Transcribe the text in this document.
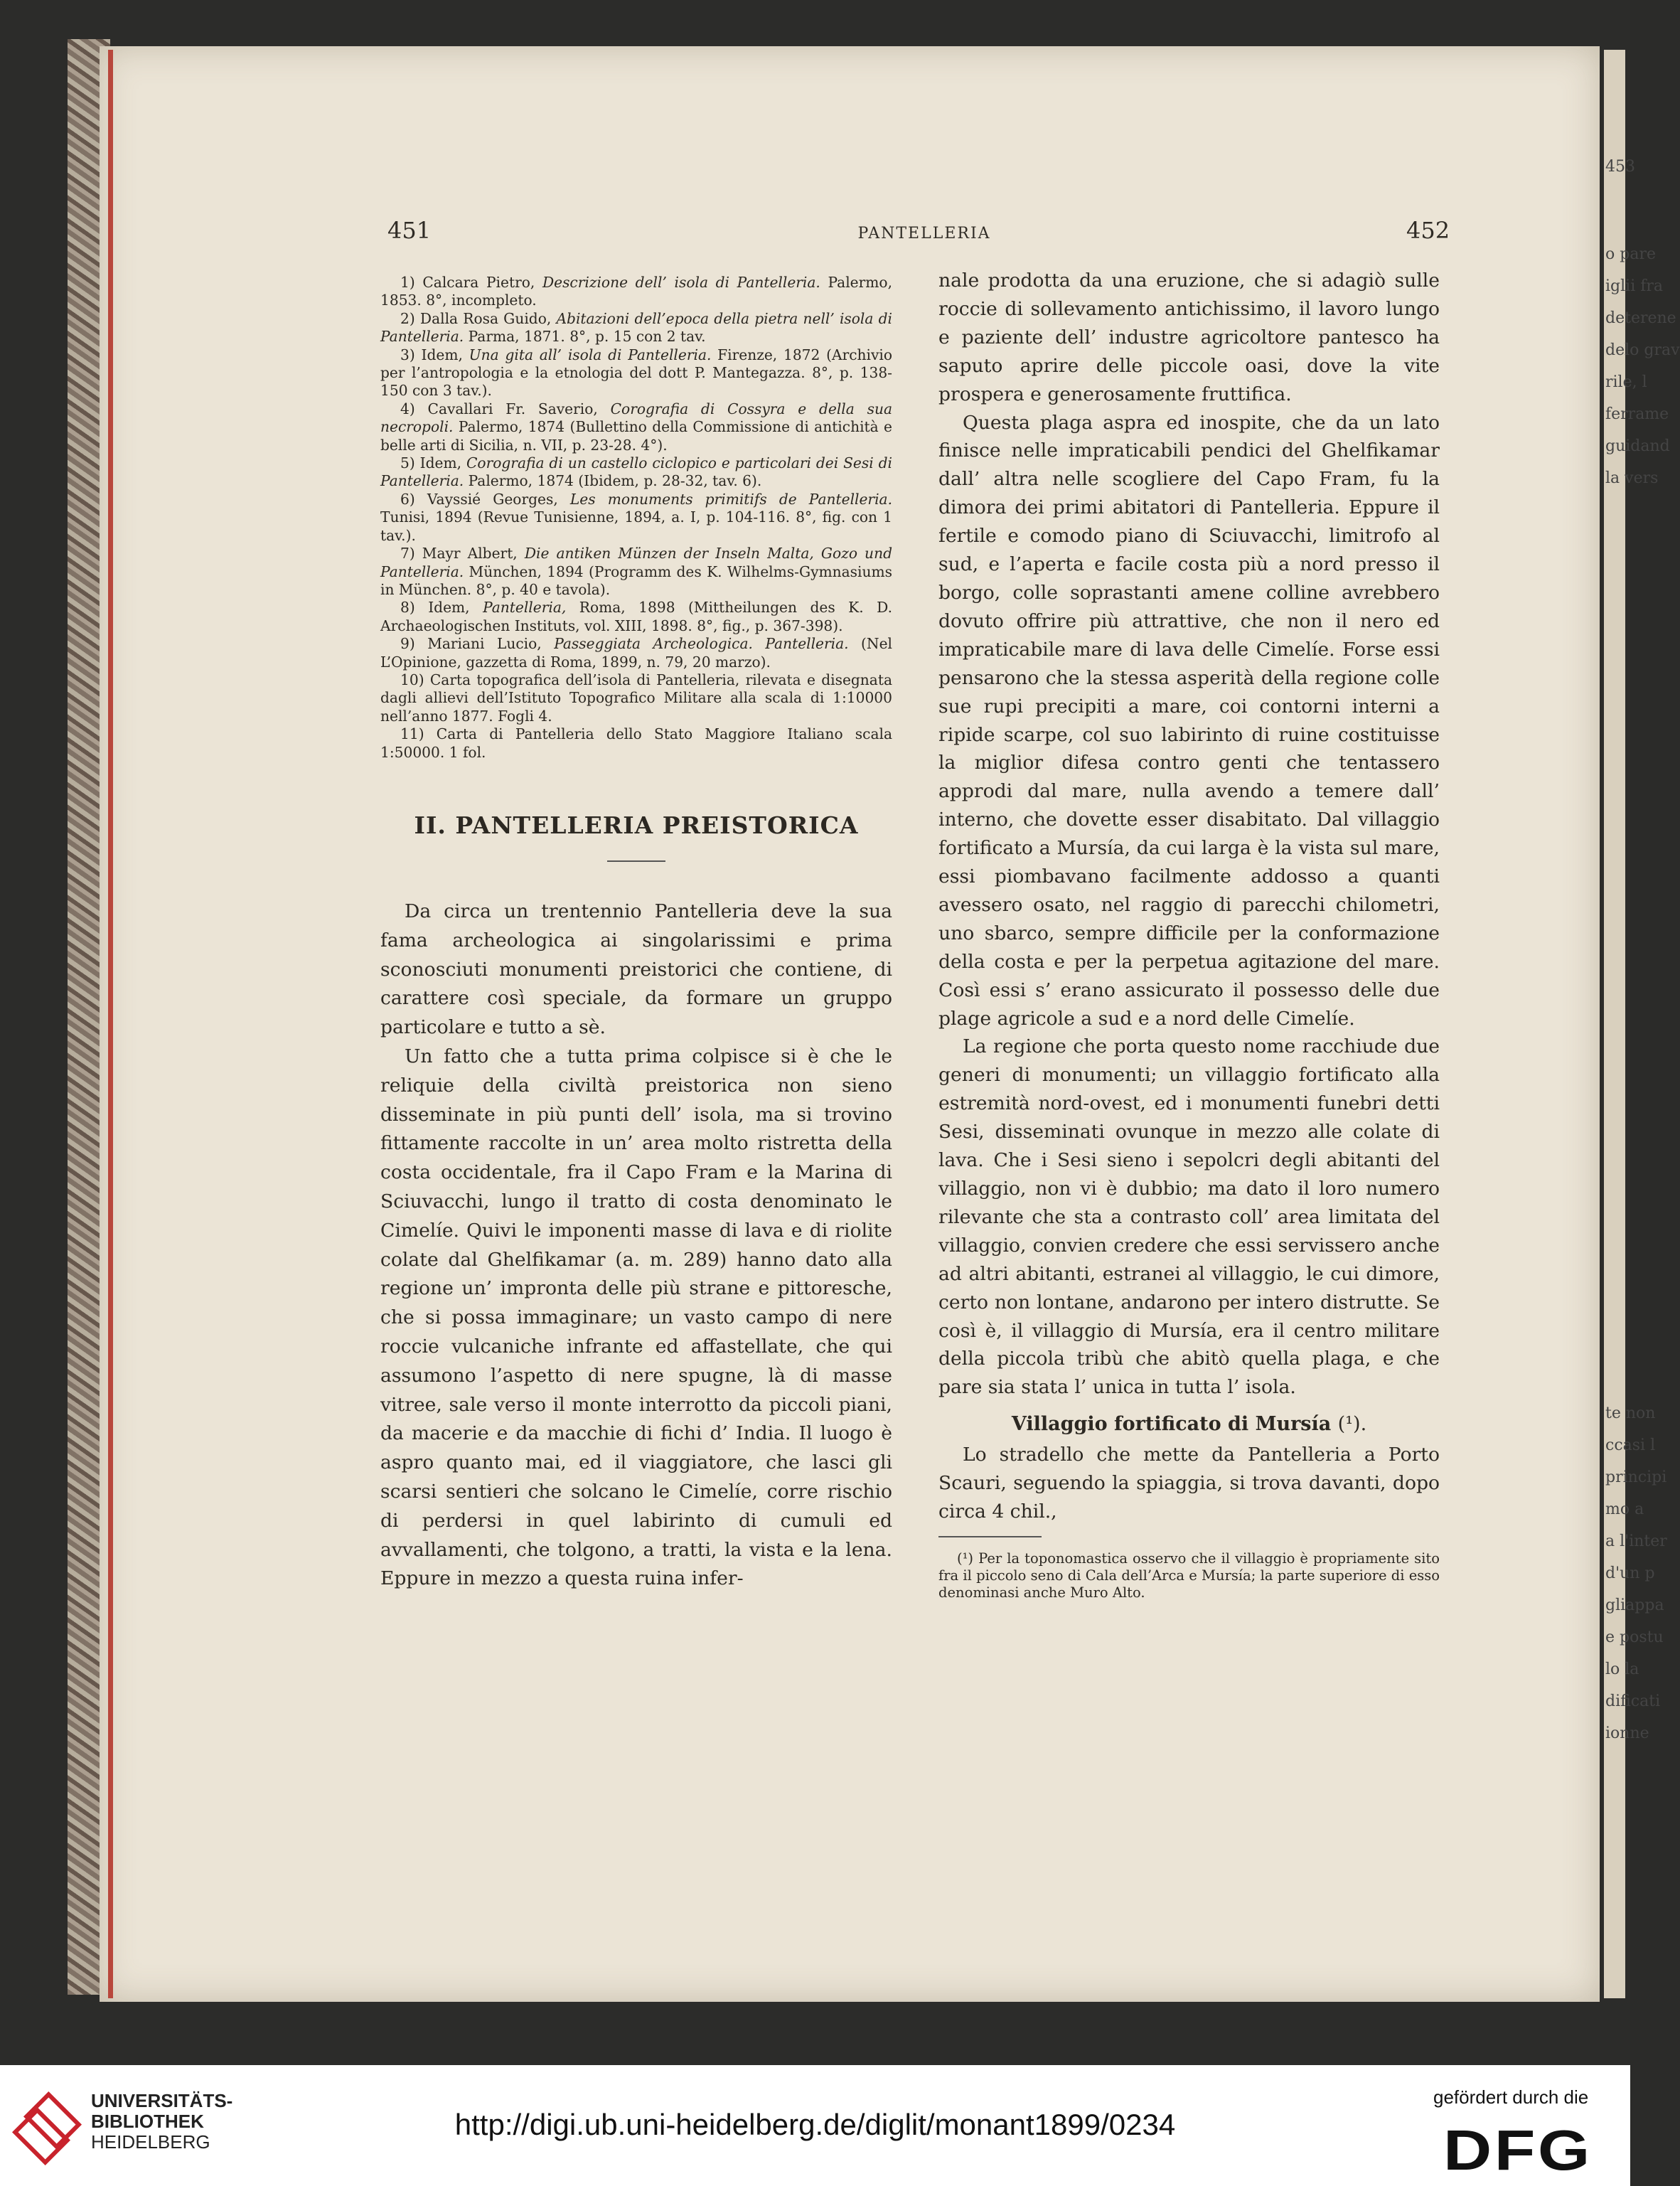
453
o pare
iglii fra
deterene
delo grav
rile, l
ferrame
guidand
la vers
te non
ccasi l
principi
mo a
a l'inter
d'un p
gliappa
e postu
lo la
dificati
ionne
451	PANTELLERIA	452

1) Calcara Pietro, Descrizione dell’ isola di Pantelleria. Palermo, 1853. 8°, incompleto.

2) Dalla Rosa Guido, Abitazioni dell’epoca della pietra nell’ isola di Pantelleria. Parma, 1871. 8°, p. 15 con 2 tav.

3) Idem, Una gita all’ isola di Pantelleria. Firenze, 1872 (Archivio per l’antropologia e la etnologia del dott P. Mantegazza. 8°, p. 138-150 con 3 tav.).

4) Cavallari Fr. Saverio, Corografia di Cossyra e della sua necropoli. Palermo, 1874 (Bullettino della Commissione di antichità e belle arti di Sicilia, n. VII, p. 23-28. 4°).

5) Idem, Corografia di un castello ciclopico e particolari dei Sesi di Pantelleria. Palermo, 1874 (Ibidem, p. 28-32, tav. 6).

6) Vayssié Georges, Les monuments primitifs de Pantelleria. Tunisi, 1894 (Revue Tunisienne, 1894, a. I, p. 104-116. 8°, fig. con 1 tav.).

7) Mayr Albert, Die antiken Münzen der Inseln Malta, Gozo und Pantelleria. München, 1894 (Programm des K. Wilhelms-Gymnasiums in München. 8°, p. 40 e tavola).

8) Idem, Pantelleria, Roma, 1898 (Mittheilungen des K. D. Archaeologischen Instituts, vol. XIII, 1898. 8°, fig., p. 367-398).

9) Mariani Lucio, Passeggiata Archeologica. Pantelleria. (Nel L’Opinione, gazzetta di Roma, 1899, n. 79, 20 marzo).

10) Carta topografica dell’isola di Pantelleria, rilevata e disegnata dagli allievi dell’Istituto Topografico Militare alla scala di 1:10000 nell’anno 1877. Fogli 4.

11) Carta di Pantelleria dello Stato Maggiore Italiano scala 1:50000. 1 fol.

II. PANTELLERIA PREISTORICA

Da circa un trentennio Pantelleria deve la sua fama archeologica ai singolarissimi e prima sconosciuti monumenti preistorici che contiene, di carattere così speciale, da formare un gruppo particolare e tutto a sè.

Un fatto che a tutta prima colpisce si è che le reliquie della civiltà preistorica non sieno disseminate in più punti dell’ isola, ma si trovino fittamente raccolte in un’ area molto ristretta della costa occidentale, fra il Capo Fram e la Marina di Sciuvacchi, lungo il tratto di costa denominato le Cimelíe. Quivi le imponenti masse di lava e di riolite colate dal Ghelfikamar (a. m. 289) hanno dato alla regione un’ impronta delle più strane e pittoresche, che si possa immaginare; un vasto campo di nere roccie vulcaniche infrante ed affastellate, che qui assumono l’aspetto di nere spugne, là di masse vitree, sale verso il monte interrotto da piccoli piani, da macerie e da macchie di fichi d’ India. Il luogo è aspro quanto mai, ed il viaggiatore, che lasci gli scarsi sentieri che solcano le Cimelíe, corre rischio di perdersi in quel labirinto di cumuli ed avvallamenti, che tolgono, a tratti, la vista e la lena. Eppure in mezzo a questa ruina infer-

nale prodotta da una eruzione, che si adagiò sulle roccie di sollevamento antichissimo, il lavoro lungo e paziente dell’ industre agricoltore pantesco ha saputo aprire delle piccole oasi, dove la vite prospera e generosamente fruttifica.

Questa plaga aspra ed inospite, che da un lato finisce nelle impraticabili pendici del Ghelfikamar dall’ altra nelle scogliere del Capo Fram, fu la dimora dei primi abitatori di Pantelleria. Eppure il fertile e comodo piano di Sciuvacchi, limitrofo al sud, e l’aperta e facile costa più a nord presso il borgo, colle soprastanti amene colline avrebbero dovuto offrire più attrattive, che non il nero ed impraticabile mare di lava delle Cimelíe. Forse essi pensarono che la stessa asperità della regione colle sue rupi precipiti a mare, coi contorni interni a ripide scarpe, col suo labirinto di ruine costituisse la miglior difesa contro genti che tentassero approdi dal mare, nulla avendo a temere dall’ interno, che dovette esser disabitato. Dal villaggio fortificato a Mursía, da cui larga è la vista sul mare, essi piombavano facilmente addosso a quanti avessero osato, nel raggio di parecchi chilometri, uno sbarco, sempre difficile per la conformazione della costa e per la perpetua agitazione del mare. Così essi s’ erano assicurato il possesso delle due plage agricole a sud e a nord delle Cimelíe.

La regione che porta questo nome racchiude due generi di monumenti; un villaggio fortificato alla estremità nord-ovest, ed i monumenti funebri detti Sesi, disseminati ovunque in mezzo alle colate di lava. Che i Sesi sieno i sepolcri degli abitanti del villaggio, non vi è dubbio; ma dato il loro numero rilevante che sta a contrasto coll’ area limitata del villaggio, convien credere che essi servissero anche ad altri abitanti, estranei al villaggio, le cui dimore, certo non lontane, andarono per intero distrutte. Se così è, il villaggio di Mursía, era il centro militare della piccola tribù che abitò quella plaga, e che pare sia stata l’ unica in tutta l’ isola.

Villaggio fortificato di Mursía (¹).

Lo stradello che mette da Pantelleria a Porto Scauri, seguendo la spiaggia, si trova davanti, dopo circa 4 chil.,

(¹) Per la toponomastica osservo che il villaggio è propriamente sito fra il piccolo seno di Cala dell’Arca e Mursía; la parte superiore di esso denominasi anche Muro Alto.

UNIVERSITÄTS-
BIBLIOTHEK
HEIDELBERG
http://digi.ub.uni-heidelberg.de/diglit/monant1899/0234
gefördert durch die
DFG
